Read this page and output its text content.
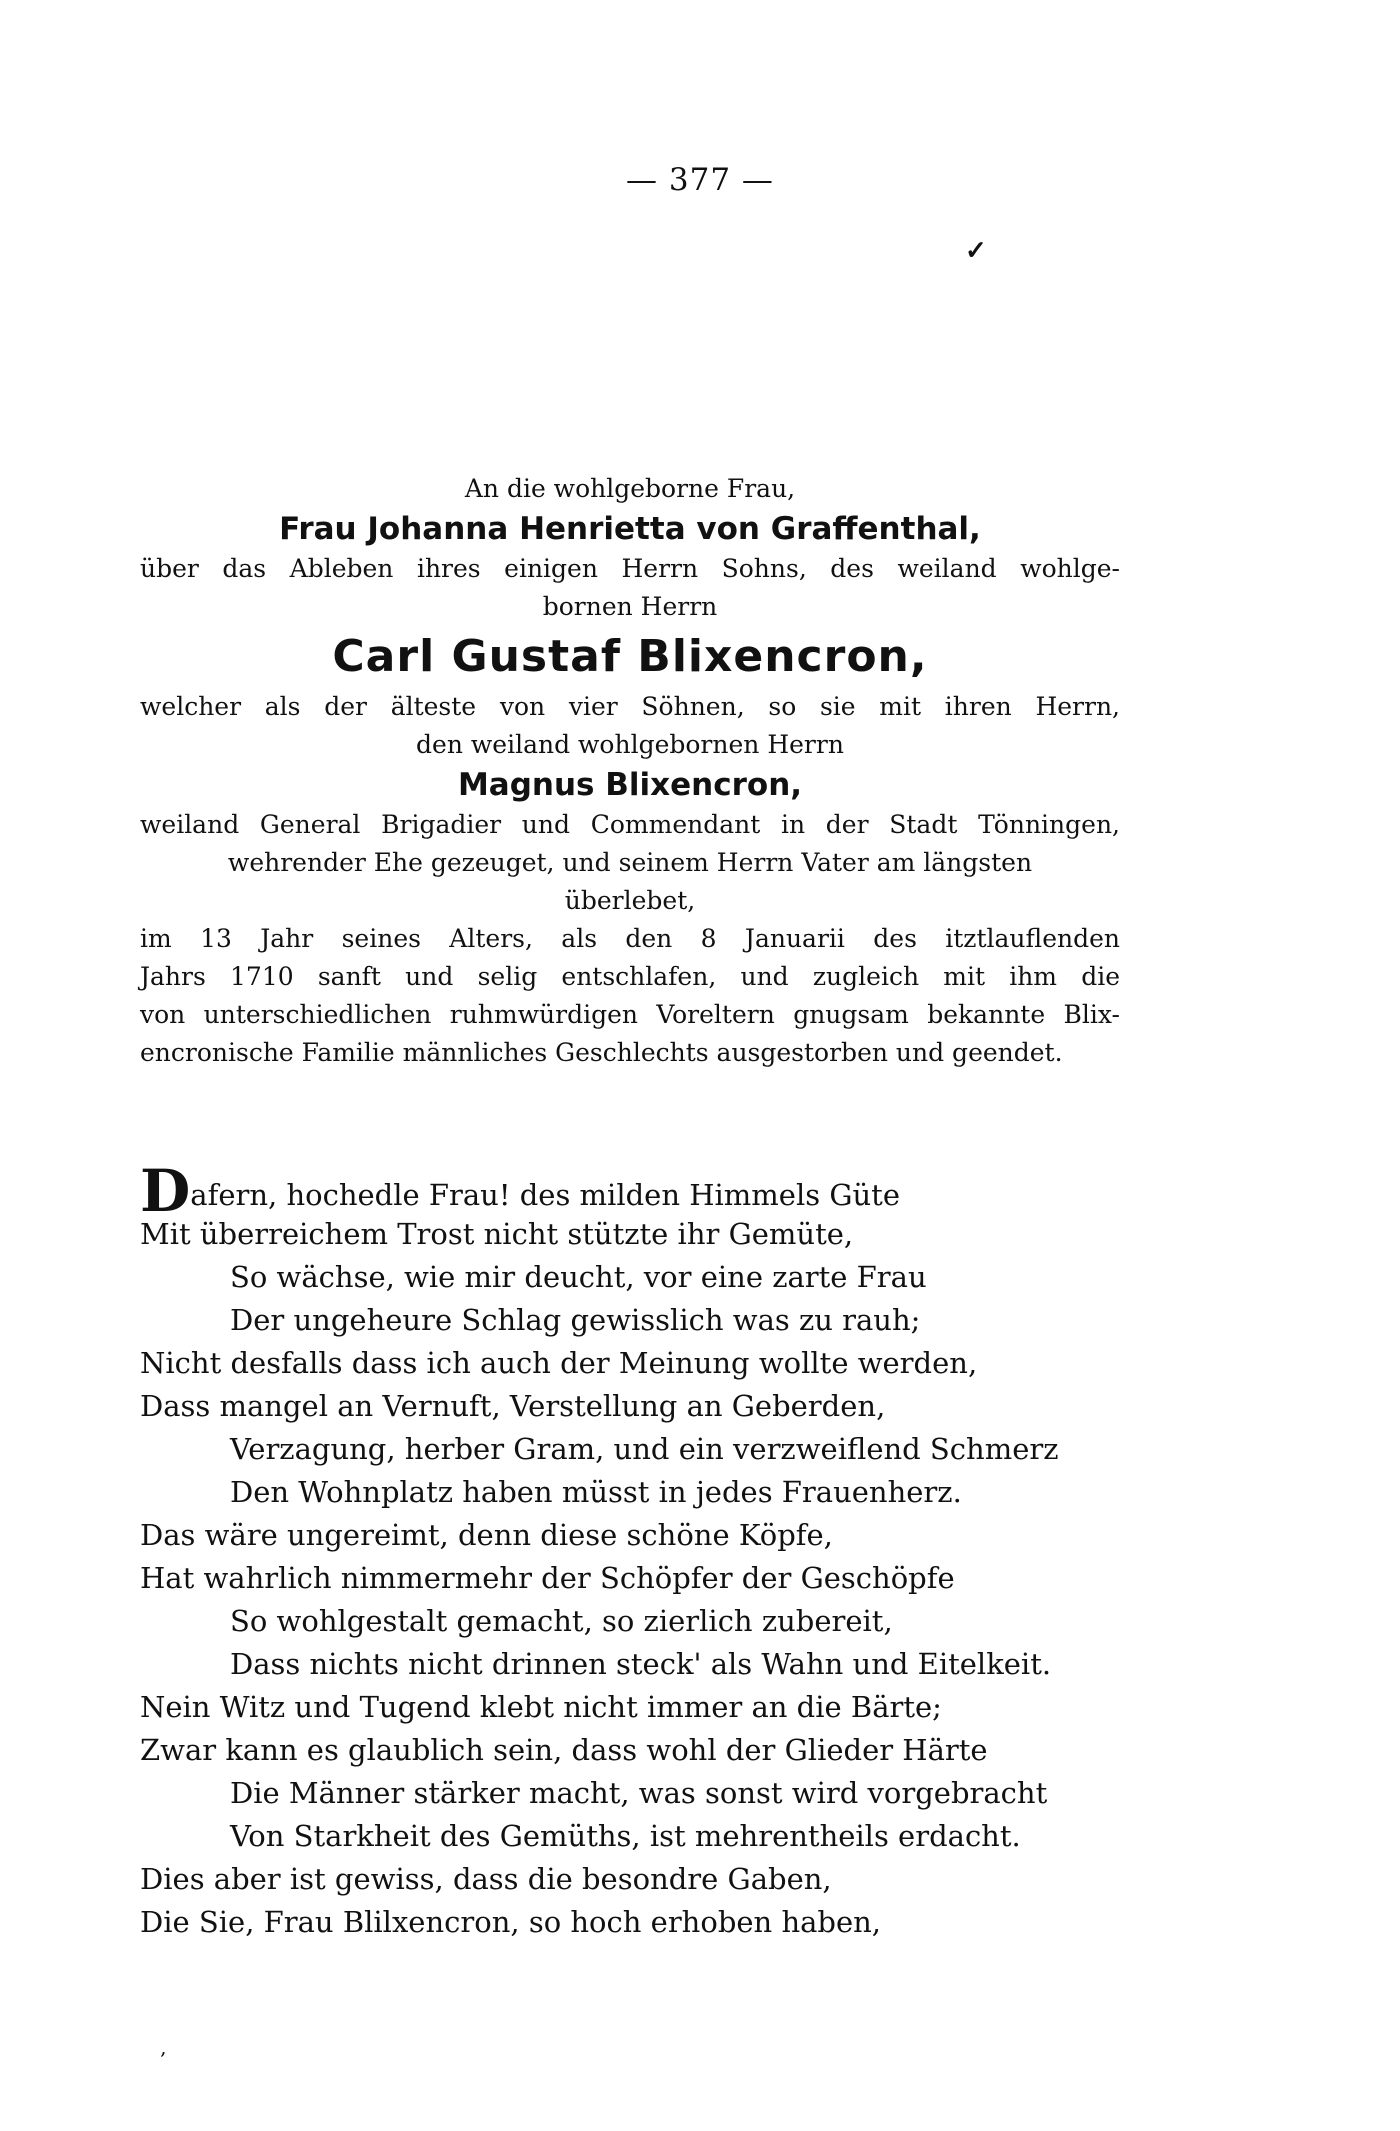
— 377 —
✓
An die wohlgeborne Frau,
Frau Johanna Henrietta von Graffenthal,
über das Ableben ihres einigen Herrn Sohns, des weiland wohlge-
bornen Herrn
Carl Gustaf Blixencron,
welcher als der älteste von vier Söhnen, so sie mit ihren Herrn,
den weiland wohlgebornen Herrn
Magnus Blixencron,
weiland General Brigadier und Commendant in der Stadt Tönningen,
wehrender Ehe gezeuget, und seinem Herrn Vater am längsten
überlebet,
im 13 Jahr seines Alters, als den 8 Januarii des itztlauflenden
Jahrs 1710 sanft und selig entschlafen, und zugleich mit ihm die
von unterschiedlichen ruhmwürdigen Voreltern gnugsam bekannte Blix-
encronische Familie männliches Geschlechts ausgestorben und geendet.
Dafern, hochedle Frau! des milden Himmels Güte
Mit überreichem Trost nicht stützte ihr Gemüte,
So wächse, wie mir deucht, vor eine zarte Frau
Der ungeheure Schlag gewisslich was zu rauh;
Nicht desfalls dass ich auch der Meinung wollte werden,
Dass mangel an Vernuft, Verstellung an Geberden,
Verzagung, herber Gram, und ein verzweiflend Schmerz
Den Wohnplatz haben müsst in jedes Frauenherz.
Das wäre ungereimt, denn diese schöne Köpfe,
Hat wahrlich nimmermehr der Schöpfer der Geschöpfe
So wohlgestalt gemacht, so zierlich zubereit,
Dass nichts nicht drinnen steck' als Wahn und Eitelkeit.
Nein Witz und Tugend klebt nicht immer an die Bärte;
Zwar kann es glaublich sein, dass wohl der Glieder Härte
Die Männer stärker macht, was sonst wird vorgebracht
Von Starkheit des Gemüths, ist mehrentheils erdacht.
Dies aber ist gewiss, dass die besondre Gaben,
Die Sie, Frau Blilxencron, so hoch erhoben haben,
‚
